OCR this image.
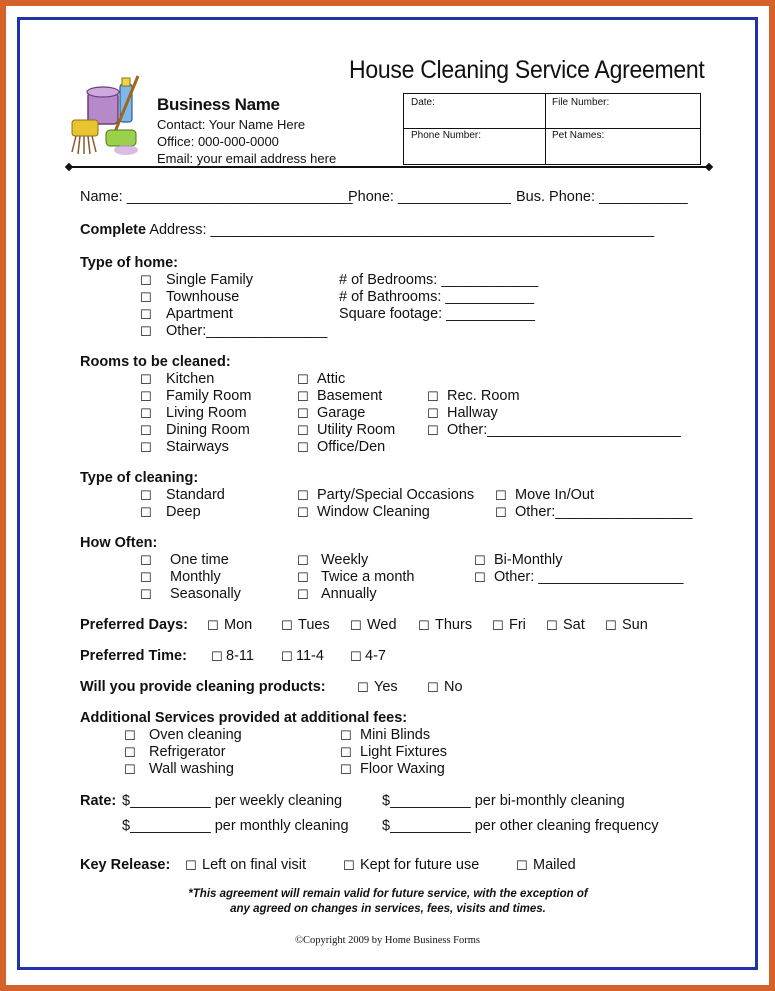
House Cleaning Service Agreement
Business Name
Contact: Your Name Here
Office: 000-000-0000
Email: your email address here
Date:	File Number:
Phone Number:	Pet Names:
Name: ____________________________
Phone: ______________ Bus. Phone: ___________
Complete Address: _______________________________________________________
Type of home:
☐ Single Family
☐ Townhouse
☐ Apartment
☐ Other:_______________
# of Bedrooms: ____________
# of Bathrooms: ___________
Square footage: ___________
Rooms to be cleaned:
☐ Kitchen
☐ Family Room
☐ Living Room
☐ Dining Room
☐ Stairways
☐ Attic
☐ Basement
☐ Garage
☐ Utility Room
☐ Office/Den
☐ Rec. Room
☐ Hallway
☐ Other:________________________
Type of cleaning:
☐ Standard
☐ Deep
☐ Party/Special Occasions
☐ Window Cleaning
☐ Move In/Out
☐ Other:_________________
How Often:
☐ One time
☐ Monthly
☐ Seasonally
☐ Weekly
☐ Twice a month
☐ Annually
☐ Bi-Monthly
☐ Other: __________________
Preferred Days: ☐ Mon ☐ Tues ☐ Wed ☐ Thurs ☐ Fri ☐ Sat ☐ Sun
Preferred Time: ☐ 8-11 ☐ 11-4 ☐ 4-7
Will you provide cleaning products: ☐ Yes ☐ No
Additional Services provided at additional fees:
☐ Oven cleaning
☐ Refrigerator
☐ Wall washing
☐ Mini Blinds
☐ Light Fixtures
☐ Floor Waxing
Rate: $__________ per weekly cleaning	$__________ per bi-monthly cleaning
$__________ per monthly cleaning $__________ per other cleaning frequency
Key Release: ☐ Left on final visit	☐ Kept for future use	☐ Mailed
*This agreement will remain valid for future service, with the exception of
any agreed on changes in services, fees, visits and times.
©Copyright 2009 by Home Business Forms
